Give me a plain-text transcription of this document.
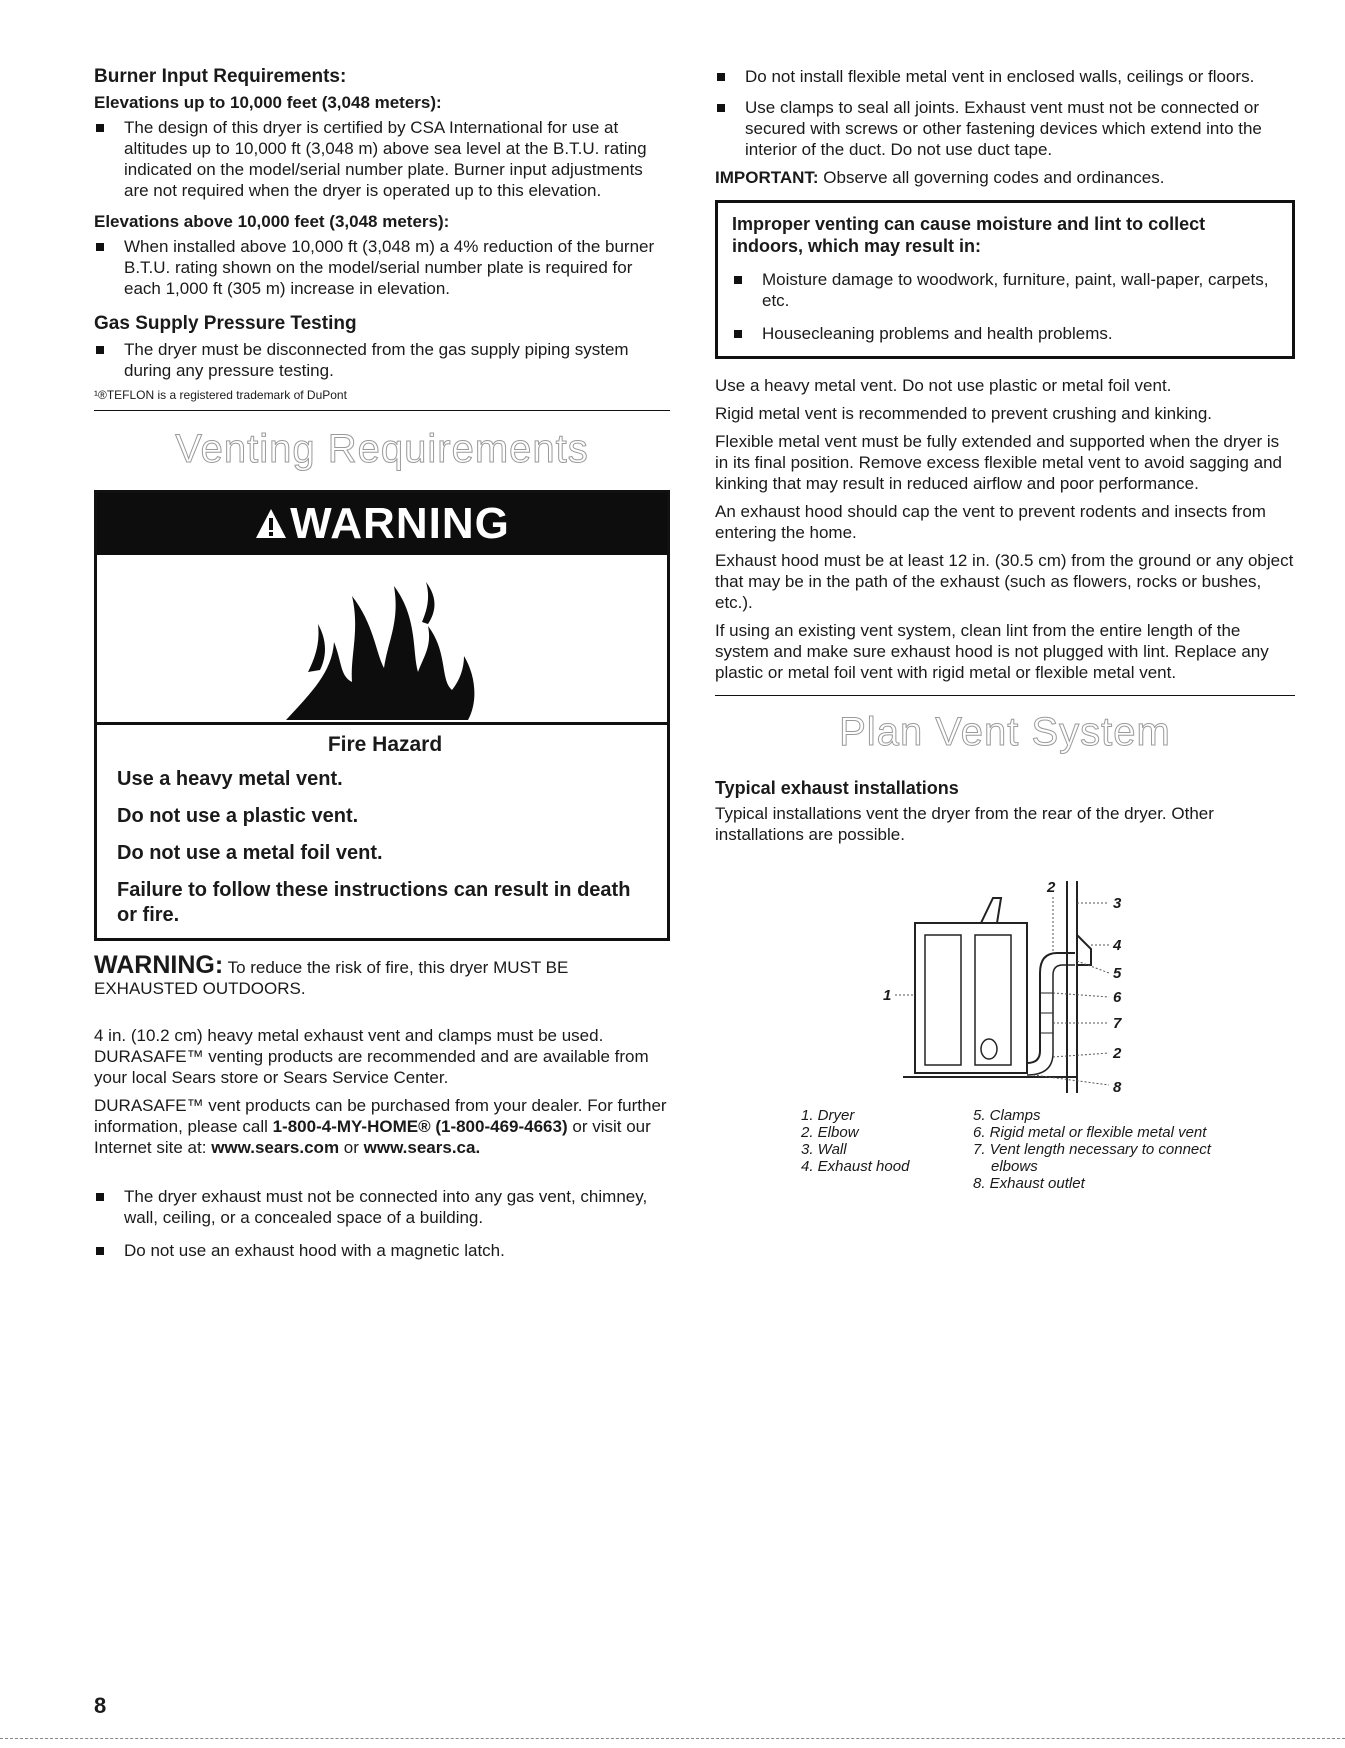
Burner Input Requirements:
Elevations up to 10,000 feet (3,048 meters):
The design of this dryer is certified by CSA International for use at altitudes up to 10,000 ft (3,048 m) above sea level at the B.T.U. rating indicated on the model/serial number plate. Burner input adjustments are not required when the dryer is operated up to this elevation.
Elevations above 10,000 feet (3,048 meters):
When installed above 10,000 ft (3,048 m) a 4% reduction of the burner B.T.U. rating shown on the model/serial number plate is required for each 1,000 ft (305 m) increase in elevation.
Gas Supply Pressure Testing
The dryer must be disconnected from the gas supply piping system during any pressure testing.
¹®TEFLON is a registered trademark of DuPont
Venting Requirements
WARNING
Fire Hazard
Use a heavy metal vent.
Do not use a plastic vent.
Do not use a metal foil vent.
Failure to follow these instructions can result in death or fire.
WARNING: To reduce the risk of fire, this dryer MUST BE EXHAUSTED OUTDOORS.

4 in. (10.2 cm) heavy metal exhaust vent and clamps must be used. DURASAFE™ venting products are recommended and are available from your local Sears store or Sears Service Center.

DURASAFE™ vent products can be purchased from your dealer. For further information, please call 1-800-4-MY-HOME® (1-800-469-4663) or visit our Internet site at: www.sears.com or www.sears.ca.

The dryer exhaust must not be connected into any gas vent, chimney, wall, ceiling, or a concealed space of a building.
Do not use an exhaust hood with a magnetic latch.
Do not install flexible metal vent in enclosed walls, ceilings or floors.
Use clamps to seal all joints. Exhaust vent must not be connected or secured with screws or other fastening devices which extend into the interior of the duct. Do not use duct tape.

IMPORTANT: Observe all governing codes and ordinances.

Improper venting can cause moisture and lint to collect indoors, which may result in:
Moisture damage to woodwork, furniture, paint, wall-paper, carpets, etc.
Housecleaning problems and health problems.

Use a heavy metal vent. Do not use plastic or metal foil vent.

Rigid metal vent is recommended to prevent crushing and kinking.

Flexible metal vent must be fully extended and supported when the dryer is in its final position. Remove excess flexible metal vent to avoid sagging and kinking that may result in reduced airflow and poor performance.

An exhaust hood should cap the vent to prevent rodents and insects from entering the home.

Exhaust hood must be at least 12 in. (30.5 cm) from the ground or any object that may be in the path of the exhaust (such as flowers, rocks or bushes, etc.).

If using an existing vent system, clean lint from the entire length of the system and make sure exhaust hood is not plugged with lint. Replace any plastic or metal foil vent with rigid metal or flexible metal vent.

Plan Vent System
Typical exhaust installations

Typical installations vent the dryer from the rear of the dryer. Other installations are possible.

1
2
3
4
5
6
7
2
8
1. Dryer
2. Elbow
3. Wall
4. Exhaust hood
5. Clamps
6. Rigid metal or flexible metal vent
7. Vent length necessary to connect
elbows
8. Exhaust outlet
8
